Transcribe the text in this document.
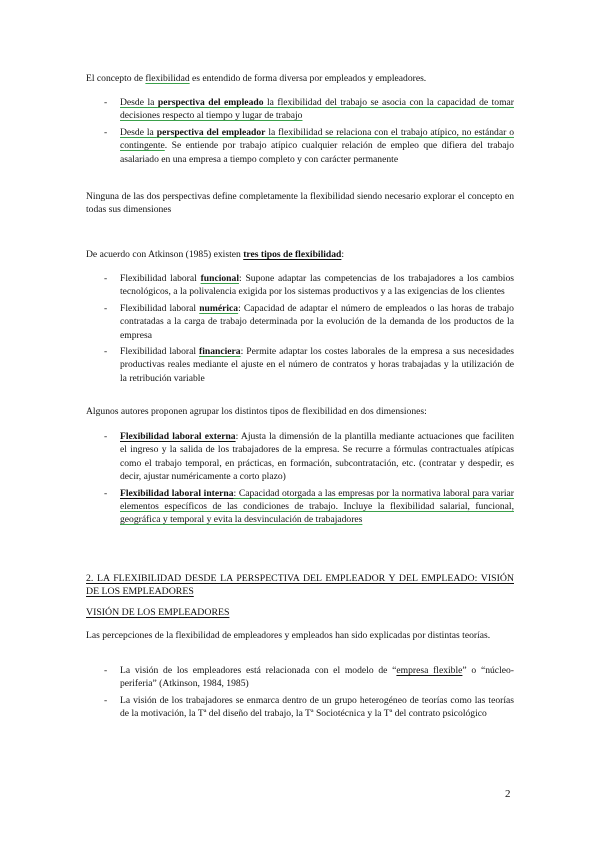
El concepto de flexibilidad es entendido de forma diversa por empleados y empleadores.

- Desde la perspectiva del empleado la flexibilidad del trabajo se asocia con la capacidad de tomar decisiones respecto al tiempo y lugar de trabajo
- Desde la perspectiva del empleador la flexibilidad se relaciona con el trabajo atípico, no estándar o contingente. Se entiende por trabajo atípico cualquier relación de empleo que difiera del trabajo asalariado en una empresa a tiempo completo y con carácter permanente

Ninguna de las dos perspectivas define completamente la flexibilidad siendo necesario explorar el concepto en todas sus dimensiones

De acuerdo con Atkinson (1985) existen tres tipos de flexibilidad:

- Flexibilidad laboral funcional: Supone adaptar las competencias de los trabajadores a los cambios tecnológicos, a la polivalencia exigida por los sistemas productivos y a las exigencias de los clientes
- Flexibilidad laboral numérica: Capacidad de adaptar el número de empleados o las horas de trabajo contratadas a la carga de trabajo determinada por la evolución de la demanda de los productos de la empresa
- Flexibilidad laboral financiera: Permite adaptar los costes laborales de la empresa a sus necesidades productivas reales mediante el ajuste en el número de contratos y horas trabajadas y la utilización de la retribución variable

Algunos autores proponen agrupar los distintos tipos de flexibilidad en dos dimensiones:

- Flexibilidad laboral externa: Ajusta la dimensión de la plantilla mediante actuaciones que faciliten el ingreso y la salida de los trabajadores de la empresa. Se recurre a fórmulas contractuales atípicas como el trabajo temporal, en prácticas, en formación, subcontratación, etc. (contratar y despedir, es decir, ajustar numéricamente a corto plazo)
- Flexibilidad laboral interna: Capacidad otorgada a las empresas por la normativa laboral para variar elementos específicos de las condiciones de trabajo. Incluye la flexibilidad salarial, funcional, geográfica y temporal y evita la desvinculación de trabajadores

2. LA FLEXIBILIDAD DESDE LA PERSPECTIVA DEL EMPLEADOR Y DEL EMPLEADO: VISIÓN DE LOS EMPLEADORES

VISIÓN DE LOS EMPLEADORES

Las percepciones de la flexibilidad de empleadores y empleados han sido explicadas por distintas teorías.

- La visión de los empleadores está relacionada con el modelo de “empresa flexible” o “núcleo-periferia” (Atkinson, 1984, 1985)
- La visión de los trabajadores se enmarca dentro de un grupo heterogéneo de teorías como las teorías de la motivación, la Tª del diseño del trabajo, la Tª Sociotécnica y la Tª del contrato psicológico
2
